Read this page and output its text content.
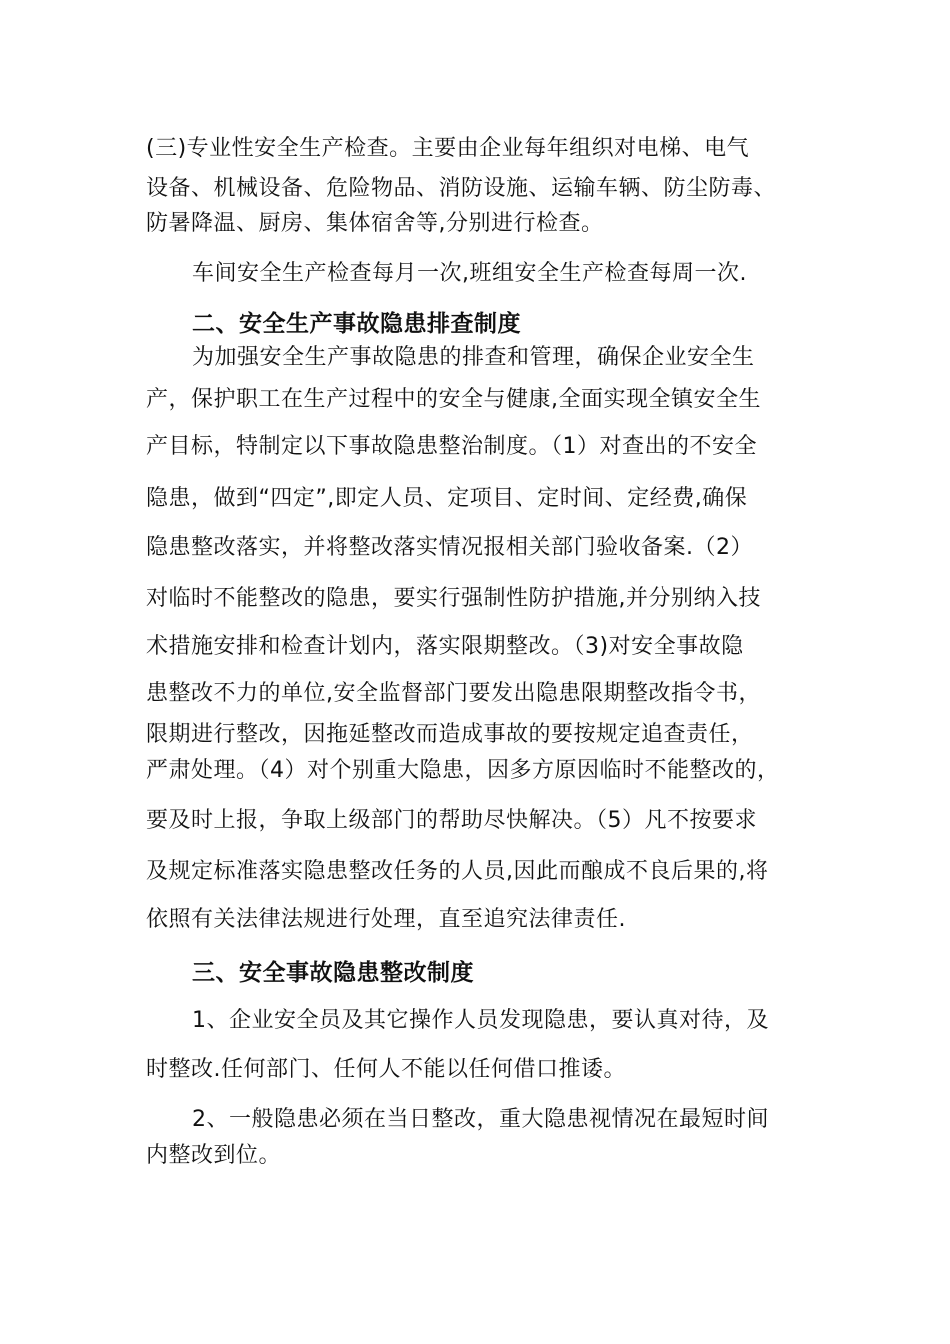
(三)专业性安全生产检查。主要由企业每年组织对电梯、电气
设备、机械设备、危险物品、消防设施、运输车辆、防尘防毒、
防暑降温、厨房、集体宿舍等,分别进行检查。
车间安全生产检查每月一次,班组安全生产检查每周一次.
二、安全生产事故隐患排查制度
为加强安全生产事故隐患的排查和管理，确保企业安全生
产，保护职工在生产过程中的安全与健康,全面实现全镇安全生
产目标，特制定以下事故隐患整治制度。（1）对查出的不安全
隐患，做到“四定”,即定人员、定项目、定时间、定经费,确保
隐患整改落实，并将整改落实情况报相关部门验收备案.（2）
对临时不能整改的隐患，要实行强制性防护措施,并分别纳入技
术措施安排和检查计划内，落实限期整改。（3)对安全事故隐
患整改不力的单位,安全监督部门要发出隐患限期整改指令书，
限期进行整改，因拖延整改而造成事故的要按规定追查责任，
严肃处理。（4）对个别重大隐患，因多方原因临时不能整改的，
要及时上报，争取上级部门的帮助尽快解决。（5）凡不按要求
及规定标准落实隐患整改任务的人员,因此而酿成不良后果的,将
依照有关法律法规进行处理，直至追究法律责任.
三、安全事故隐患整改制度
1、企业安全员及其它操作人员发现隐患，要认真对待，及
时整改.任何部门、任何人不能以任何借口推诿。
2、一般隐患必须在当日整改，重大隐患视情况在最短时间
内整改到位。
